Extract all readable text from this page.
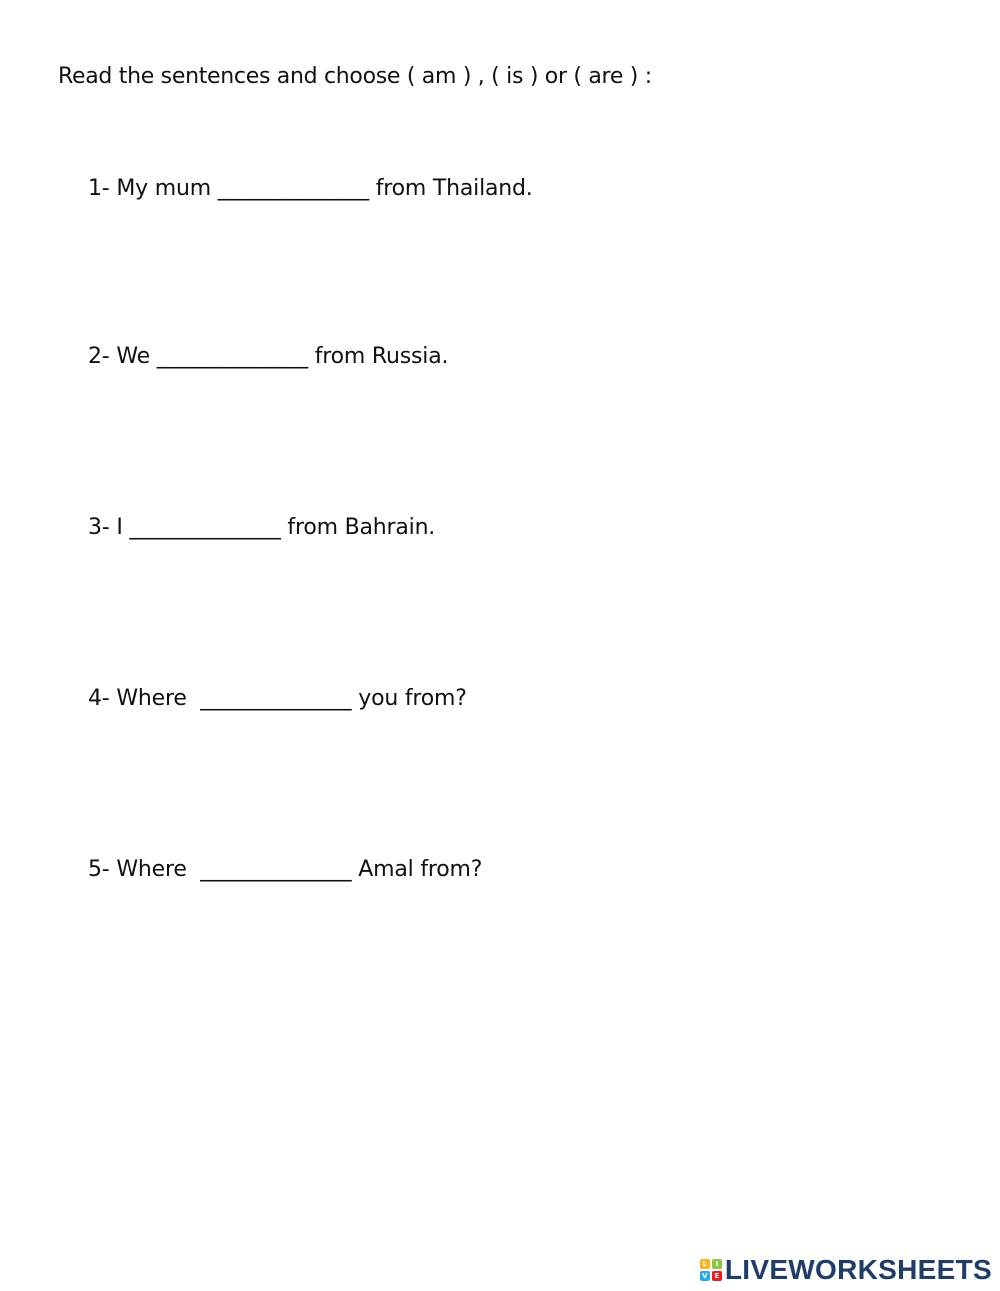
Read the sentences and choose ( am ) , ( is ) or ( are ) :
1- My mum ______________ from Thailand.
2- We ______________ from Russia.
3- I ______________ from Bahrain.
4- Where  ______________ you from?
5- Where  ______________ Amal from?
L	I
V E LIVEWORKSHEETS
